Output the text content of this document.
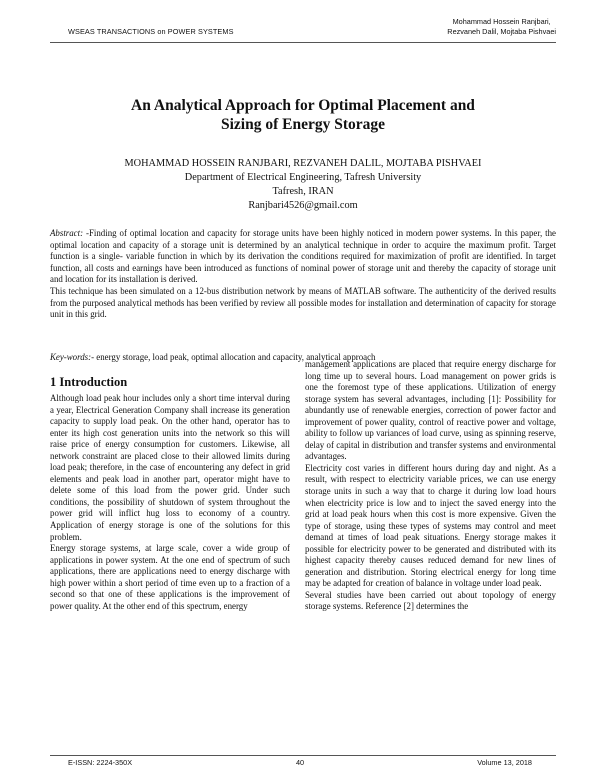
WSEAS TRANSACTIONS on POWER SYSTEMS
Mohammad Hossein Ranjbari,
Rezvaneh Dalil, Mojtaba Pishvaei
An Analytical Approach for Optimal Placement and
Sizing of Energy Storage
MOHAMMAD HOSSEIN RANJBARI, REZVANEH DALIL, MOJTABA PISHVAEI
Department of Electrical Engineering, Tafresh University
Tafresh, IRAN
Ranjbari4526@gmail.com

Abstract: -Finding of optimal location and capacity for storage units have been highly noticed in modern power systems. In this paper, the optimal location and capacity of a storage unit is determined by an analytical technique in order to acquire the maximum profit. Target function is a single- variable function in which by its derivation the conditions required for maximization of profit are identified. In target function, all costs and earnings have been introduced as functions of nominal power of storage unit and thereby the capacity of storage unit and location for its installation is derived.

This technique has been simulated on a 12-bus distribution network by means of MATLAB software. The authenticity of the derived results from the purposed analytical methods has been verified by review all possible modes for installation and determination of capacity for storage unit in this grid.

Key-words:- energy storage, load peak, optimal allocation and capacity, analytical approach
1 Introduction

Although load peak hour includes only a short time interval during a year, Electrical Generation Company shall increase its generation capacity to supply load peak. On the other hand, operator has to enter its high cost generation units into the network so this will raise price of energy consumption for customers. Likewise, all network constraint are placed close to their allowed limits during load peak; therefore, in the case of encountering any defect in grid elements and peak load in another part, operator might have to delete some of this load from the power grid. Under such conditions, the possibility of shutdown of system throughout the power grid will inflict hug loss to economy of a country. Application of energy storage is one of the solutions for this problem.

Energy storage systems, at large scale, cover a wide group of applications in power system. At the one end of spectrum of such applications, there are applications need to energy discharge with high power within a short period of time even up to a fraction of a second so that one of these applications is the improvement of power quality. At the other end of this spectrum, energy

management applications are placed that require energy discharge for long time up to several hours. Load management on power grids is one the foremost type of these applications. Utilization of energy storage system has several advantages, including [1]: Possibility for abundantly use of renewable energies, correction of power factor and improvement of power quality, control of reactive power and voltage, ability to follow up variances of load curve, using as spinning reserve, delay of capital in distribution and transfer systems and environmental advantages.

Electricity cost varies in different hours during day and night. As a result, with respect to electricity variable prices, we can use energy storage units in such a way that to charge it during low load hours when electricity price is low and to inject the saved energy into the grid at load peak hours when this cost is more expensive. Given the type of storage, using these types of systems may control and meet demand at times of load peak situations. Energy storage makes it possible for electricity power to be generated and distributed with its highest capacity thereby causes reduced demand for new lines of generation and distribution. Storing electrical energy for long time may be adapted for creation of balance in voltage under load peak.

Several studies have been carried out about topology of energy storage systems. Reference [2] determines the

E-ISSN: 2224-350X	40	Volume 13, 2018
